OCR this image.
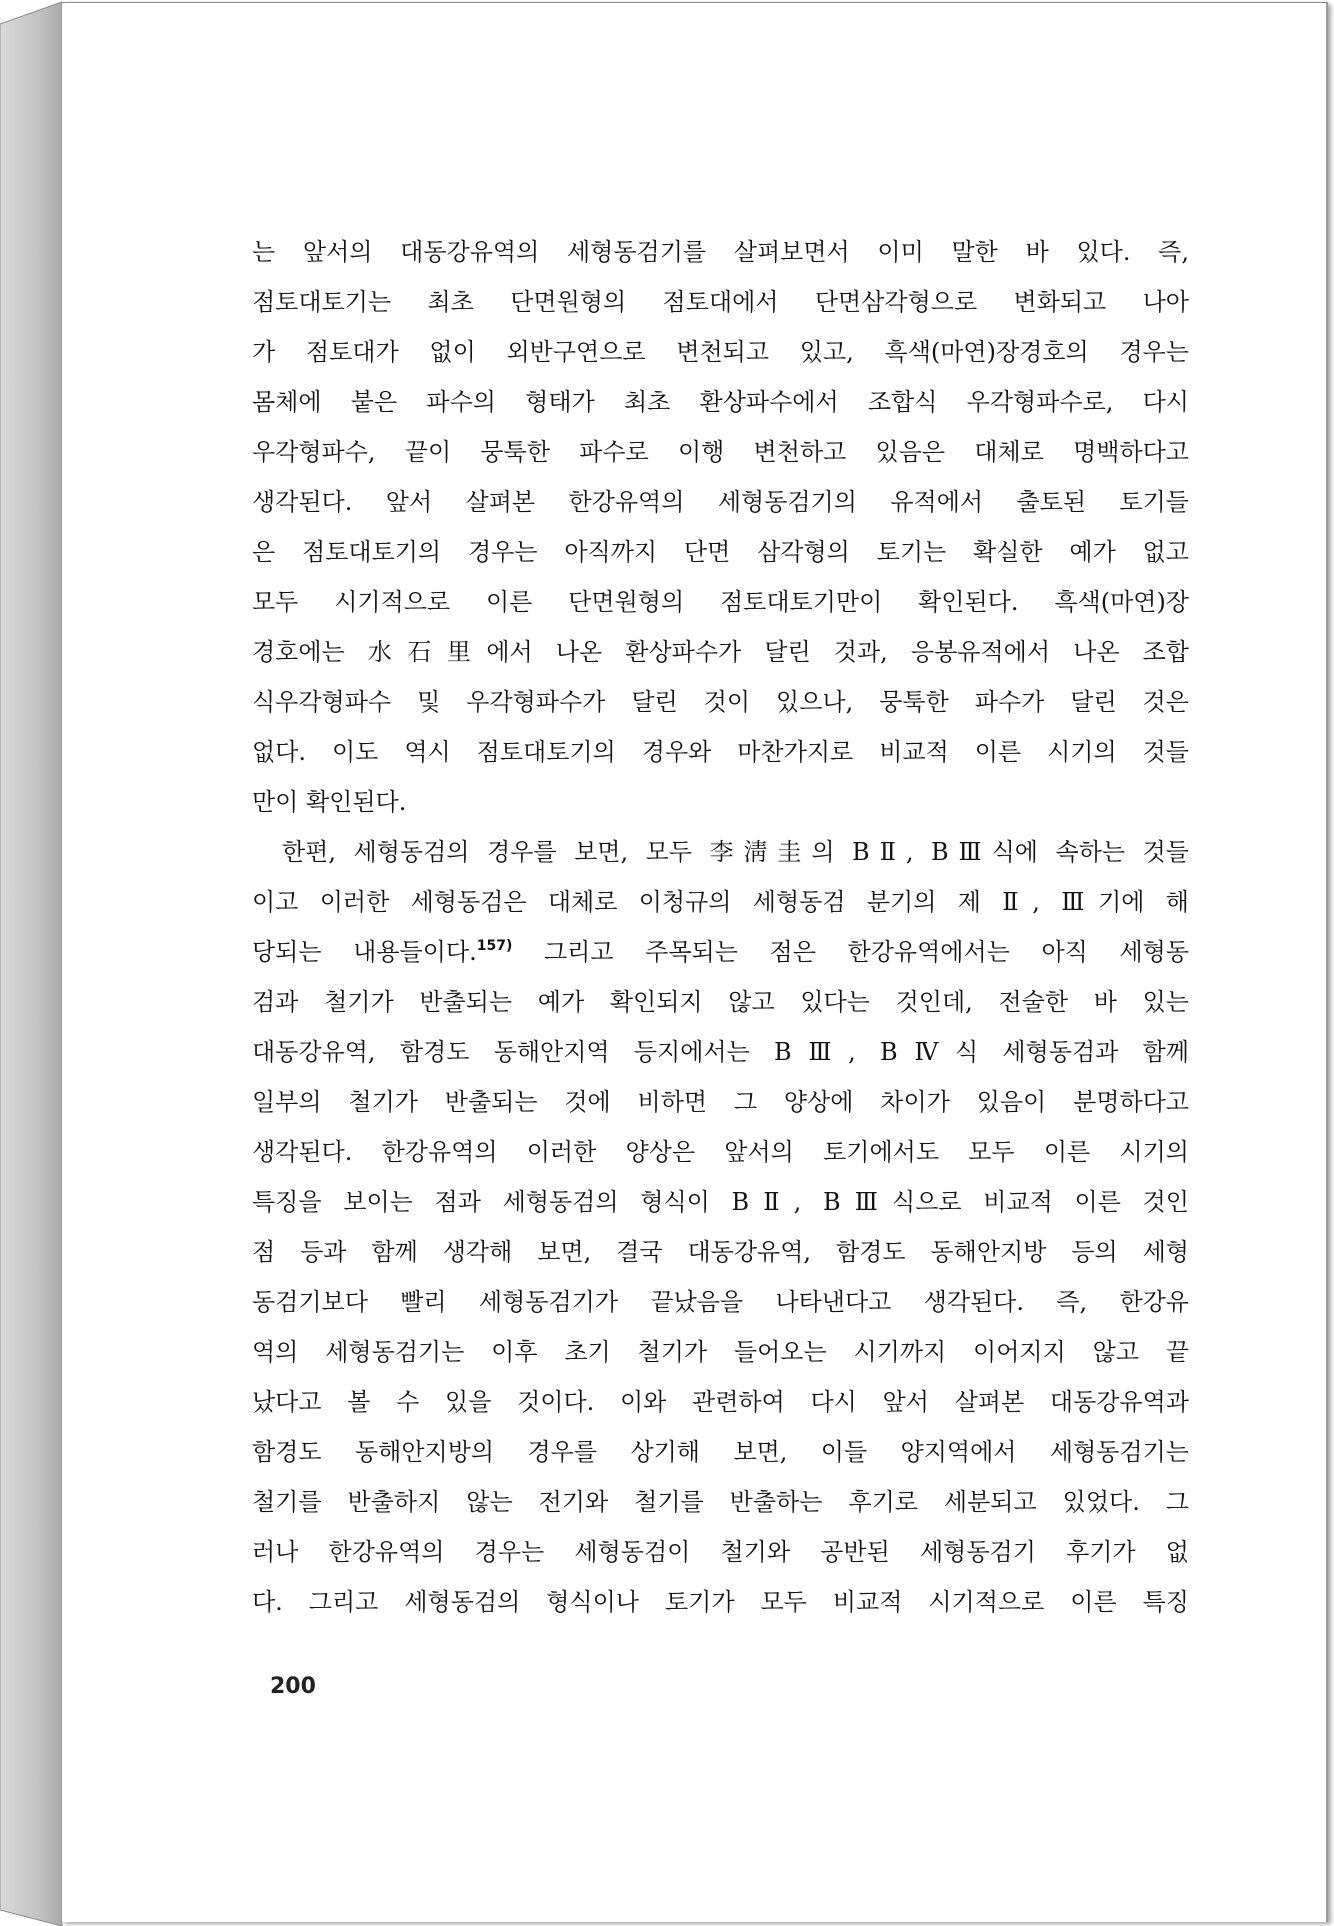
는 앞서의 대동강유역의 세형동검기를 살펴보면서 이미 말한 바 있다. 즉,
점토대토기는 최초 단면원형의 점토대에서 단면삼각형으로 변화되고 나아
가 점토대가 없이 외반구연으로 변천되고 있고, 흑색(마연)장경호의 경우는
몸체에 붙은 파수의 형태가 최초 환상파수에서 조합식 우각형파수로, 다시
우각형파수, 끝이 뭉툭한 파수로 이행 변천하고 있음은 대체로 명백하다고
생각된다. 앞서 살펴본 한강유역의 세형동검기의 유적에서 출토된 토기들
은 점토대토기의 경우는 아직까지 단면 삼각형의 토기는 확실한 예가 없고
모두 시기적으로 이른 단면원형의 점토대토기만이 확인된다. 흑색(마연)장
경호에는 水石里에서 나온 환상파수가 달린 것과, 응봉유적에서 나온 조합
식우각형파수 및 우각형파수가 달린 것이 있으나, 뭉툭한 파수가 달린 것은
없다. 이도 역시 점토대토기의 경우와 마찬가지로 비교적 이른 시기의 것들
만이 확인된다.
한편, 세형동검의 경우를 보면, 모두 李淸圭의 BⅡ, BⅢ식에 속하는 것들
이고 이러한 세형동검은 대체로 이청규의 세형동검 분기의 제 Ⅱ, Ⅲ기에 해
당되는 내용들이다.$^{157)}$ 그리고 주목되는 점은 한강유역에서는 아직 세형동
검과 철기가 반출되는 예가 확인되지 않고 있다는 것인데, 전술한 바 있는
대동강유역, 함경도 동해안지역 등지에서는 BⅢ, BⅣ식 세형동검과 함께
일부의 철기가 반출되는 것에 비하면 그 양상에 차이가 있음이 분명하다고
생각된다. 한강유역의 이러한 양상은 앞서의 토기에서도 모두 이른 시기의
특징을 보이는 점과 세형동검의 형식이 BⅡ, BⅢ식으로 비교적 이른 것인
점 등과 함께 생각해 보면, 결국 대동강유역, 함경도 동해안지방 등의 세형
동검기보다 빨리 세형동검기가 끝났음을 나타낸다고 생각된다. 즉, 한강유
역의 세형동검기는 이후 초기 철기가 들어오는 시기까지 이어지지 않고 끝
났다고 볼 수 있을 것이다. 이와 관련하여 다시 앞서 살펴본 대동강유역과
함경도 동해안지방의 경우를 상기해 보면, 이들 양지역에서 세형동검기는
철기를 반출하지 않는 전기와 철기를 반출하는 후기로 세분되고 있었다. 그
러나 한강유역의 경우는 세형동검이 철기와 공반된 세형동검기 후기가 없
다. 그리고 세형동검의 형식이나 토기가 모두 비교적 시기적으로 이른 특징
200
